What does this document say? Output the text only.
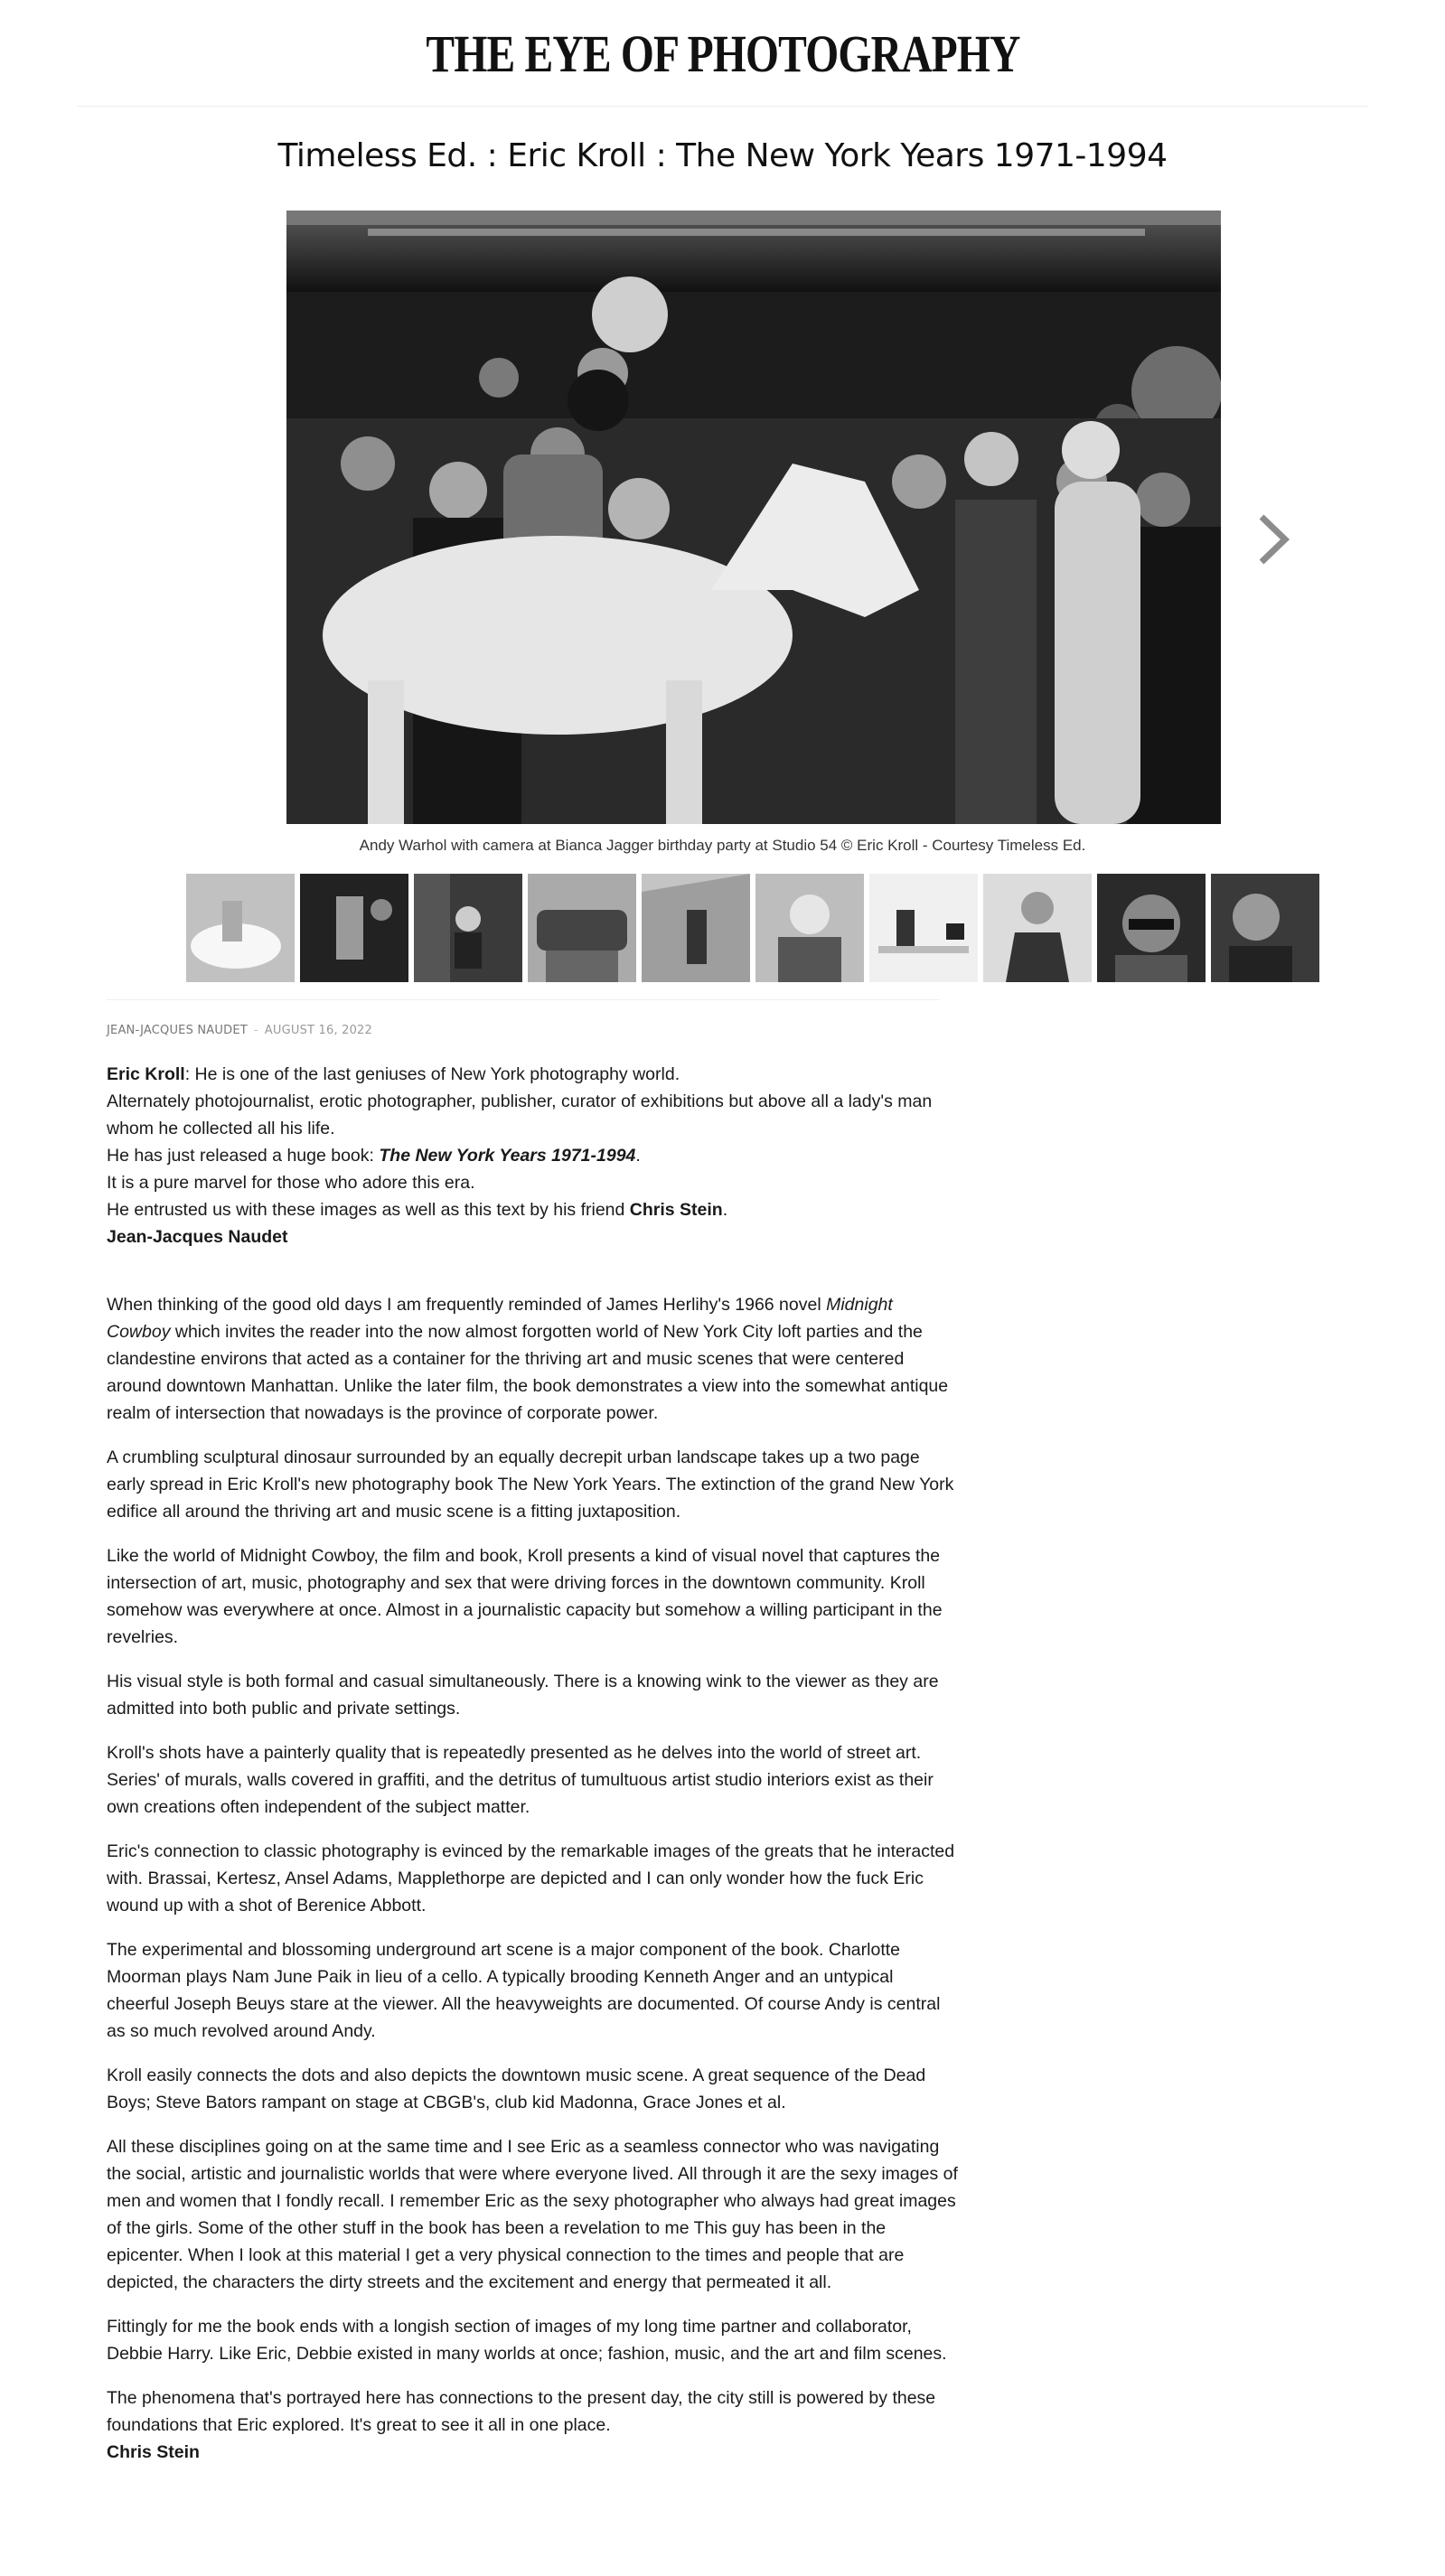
THE EYE OF PHOTOGRAPHY
Timeless Ed. : Eric Kroll : The New York Years 1971-1994
Andy Warhol with camera at Bianca Jagger birthday party at Studio 54 © Eric Kroll - Courtesy Timeless Ed.
JEAN-JACQUES NAUDET - AUGUST 16, 2022

Eric Kroll: He is one of the last geniuses of New York photography world.

Alternately photojournalist, erotic photographer, publisher, curator of exhibitions but above all a lady's man whom he collected all his life.

He has just released a huge book: The New York Years 1971-1994.

It is a pure marvel for those who adore this era.

He entrusted us with these images as well as this text by his friend Chris Stein.

Jean-Jacques Naudet

When thinking of the good old days I am frequently reminded of James Herlihy's 1966 novel Midnight Cowboy which invites the reader into the now almost forgotten world of New York City loft parties and the clandestine environs that acted as a container for the thriving art and music scenes that were centered around downtown Manhattan. Unlike the later film, the book demonstrates a view into the somewhat antique realm of intersection that nowadays is the province of corporate power.

A crumbling sculptural dinosaur surrounded by an equally decrepit urban landscape takes up a two page early spread in Eric Kroll's new photography book The New York Years. The extinction of the grand New York edifice all around the thriving art and music scene is a fitting juxtaposition.

Like the world of Midnight Cowboy, the film and book, Kroll presents a kind of visual novel that captures the intersection of art, music, photography and sex that were driving forces in the downtown community. Kroll somehow was everywhere at once. Almost in a journalistic capacity but somehow a willing participant in the revelries.

His visual style is both formal and casual simultaneously. There is a knowing wink to the viewer as they are admitted into both public and private settings.

Kroll's shots have a painterly quality that is repeatedly presented as he delves into the world of street art. Series' of murals, walls covered in graffiti, and the detritus of tumultuous artist studio interiors exist as their own creations often independent of the subject matter.

Eric's connection to classic photography is evinced by the remarkable images of the greats that he interacted with. Brassai, Kertesz, Ansel Adams, Mapplethorpe are depicted and I can only wonder how the fuck Eric wound up with a shot of Berenice Abbott.

The experimental and blossoming underground art scene is a major component of the book. Charlotte Moorman plays Nam June Paik in lieu of a cello. A typically brooding Kenneth Anger and an untypical cheerful Joseph Beuys stare at the viewer. All the heavyweights are documented. Of course Andy is central as so much revolved around Andy.

Kroll easily connects the dots and also depicts the downtown music scene. A great sequence of the Dead Boys; Steve Bators rampant on stage at CBGB's, club kid Madonna, Grace Jones et al.

All these disciplines going on at the same time and I see Eric as a seamless connector who was navigating the social, artistic and journalistic worlds that were where everyone lived. All through it are the sexy images of men and women that I fondly recall. I remember Eric as the sexy photographer who always had great images of the girls. Some of the other stuff in the book has been a revelation to me This guy has been in the epicenter. When I look at this material I get a very physical connection to the times and people that are depicted, the characters the dirty streets and the excitement and energy that permeated it all.

Fittingly for me the book ends with a longish section of images of my long time partner and collaborator, Debbie Harry. Like Eric, Debbie existed in many worlds at once; fashion, music, and the art and film scenes.

The phenomena that's portrayed here has connections to the present day, the city still is powered by these foundations that Eric explored. It's great to see it all in one place.

Chris Stein
